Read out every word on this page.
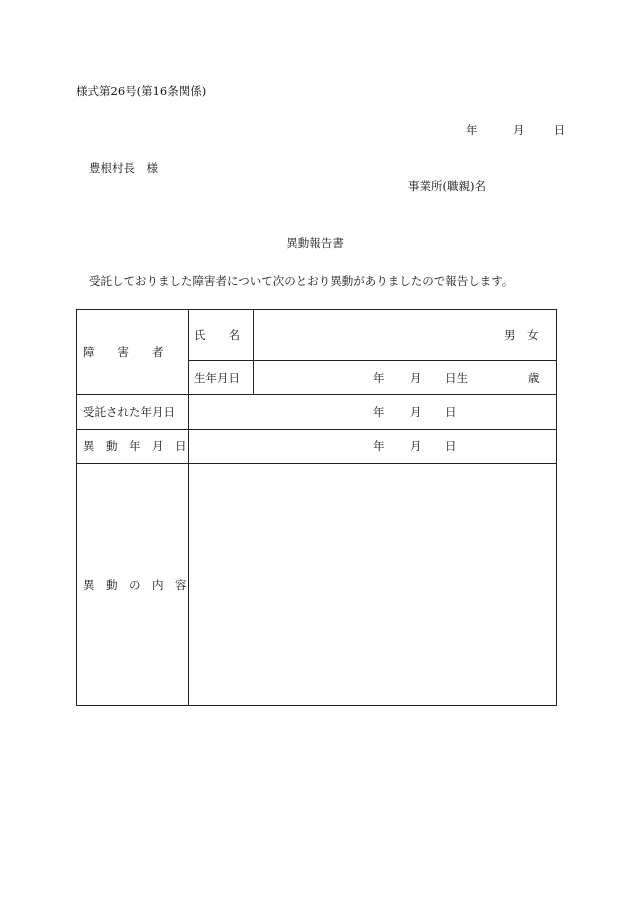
様式第26号(第16条関係)
年	月	日
豊根村長　様
事業所(職親)名
異動報告書
受託しておりました障害者について次のとおり異動がありましたので報告します。
障　　害　　者
氏　　名	男　女
生年月日	年 月 日生	歳
受託された年月日	年 月 日
異　動　年　月　日	年 月 日
異　動　の　内　容
